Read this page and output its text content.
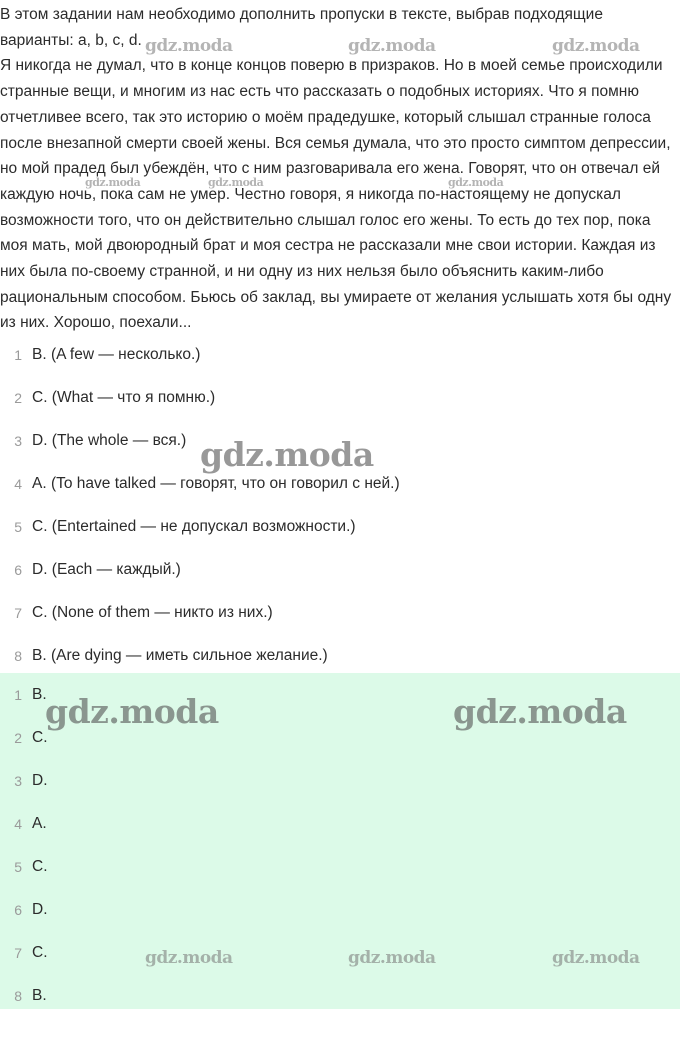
В этом задании нам необходимо дополнить пропуски в тексте, выбрав подходящие варианты: a, b, c, d.

Я никогда не думал, что в конце концов поверю в призраков. Но в моей семье происходили странные вещи, и многим из нас есть что рассказать о подобных историях. Что я помню отчетливее всего, так это историю о моём прадедушке, который слышал странные голоса после внезапной смерти своей жены. Вся семья думала, что это просто симптом депрессии, но мой прадед был убеждён, что с ним разговаривала его жена. Говорят, что он отвечал ей каждую ночь, пока сам не умер. Честно говоря, я никогда по-настоящему не допускал возможности того, что он действительно слышал голос его жены. То есть до тех пор, пока моя мать, мой двоюродный брат и моя сестра не рассказали мне свои истории. Каждая из них была по-своему странной, и ни одну из них нельзя было объяснить каким-либо рациональным способом. Бьюсь об заклад, вы умираете от желания услышать хотя бы одну из них. Хорошо, поехали...

1 B. (A few — несколько.)
2 C. (What — что я помню.)
3 D. (The whole — вся.)
4 A. (To have talked — говорят, что он говорил с ней.)
5 C. (Entertained — не допускал возможности.)
6 D. (Each — каждый.)
7 C. (None of them — никто из них.)
8 B. (Are dying — иметь сильное желание.)
1 B.
2 C.
3 D.
4 A.
5 C.
6 D.
7 C.
8 B.
gdz.moda	gdz.moda	gdz.moda
gdz.moda	gdz.moda	gdz.moda
gdz.moda
gdz.moda	gdz.moda
gdz.moda	gdz.moda	gdz.moda
